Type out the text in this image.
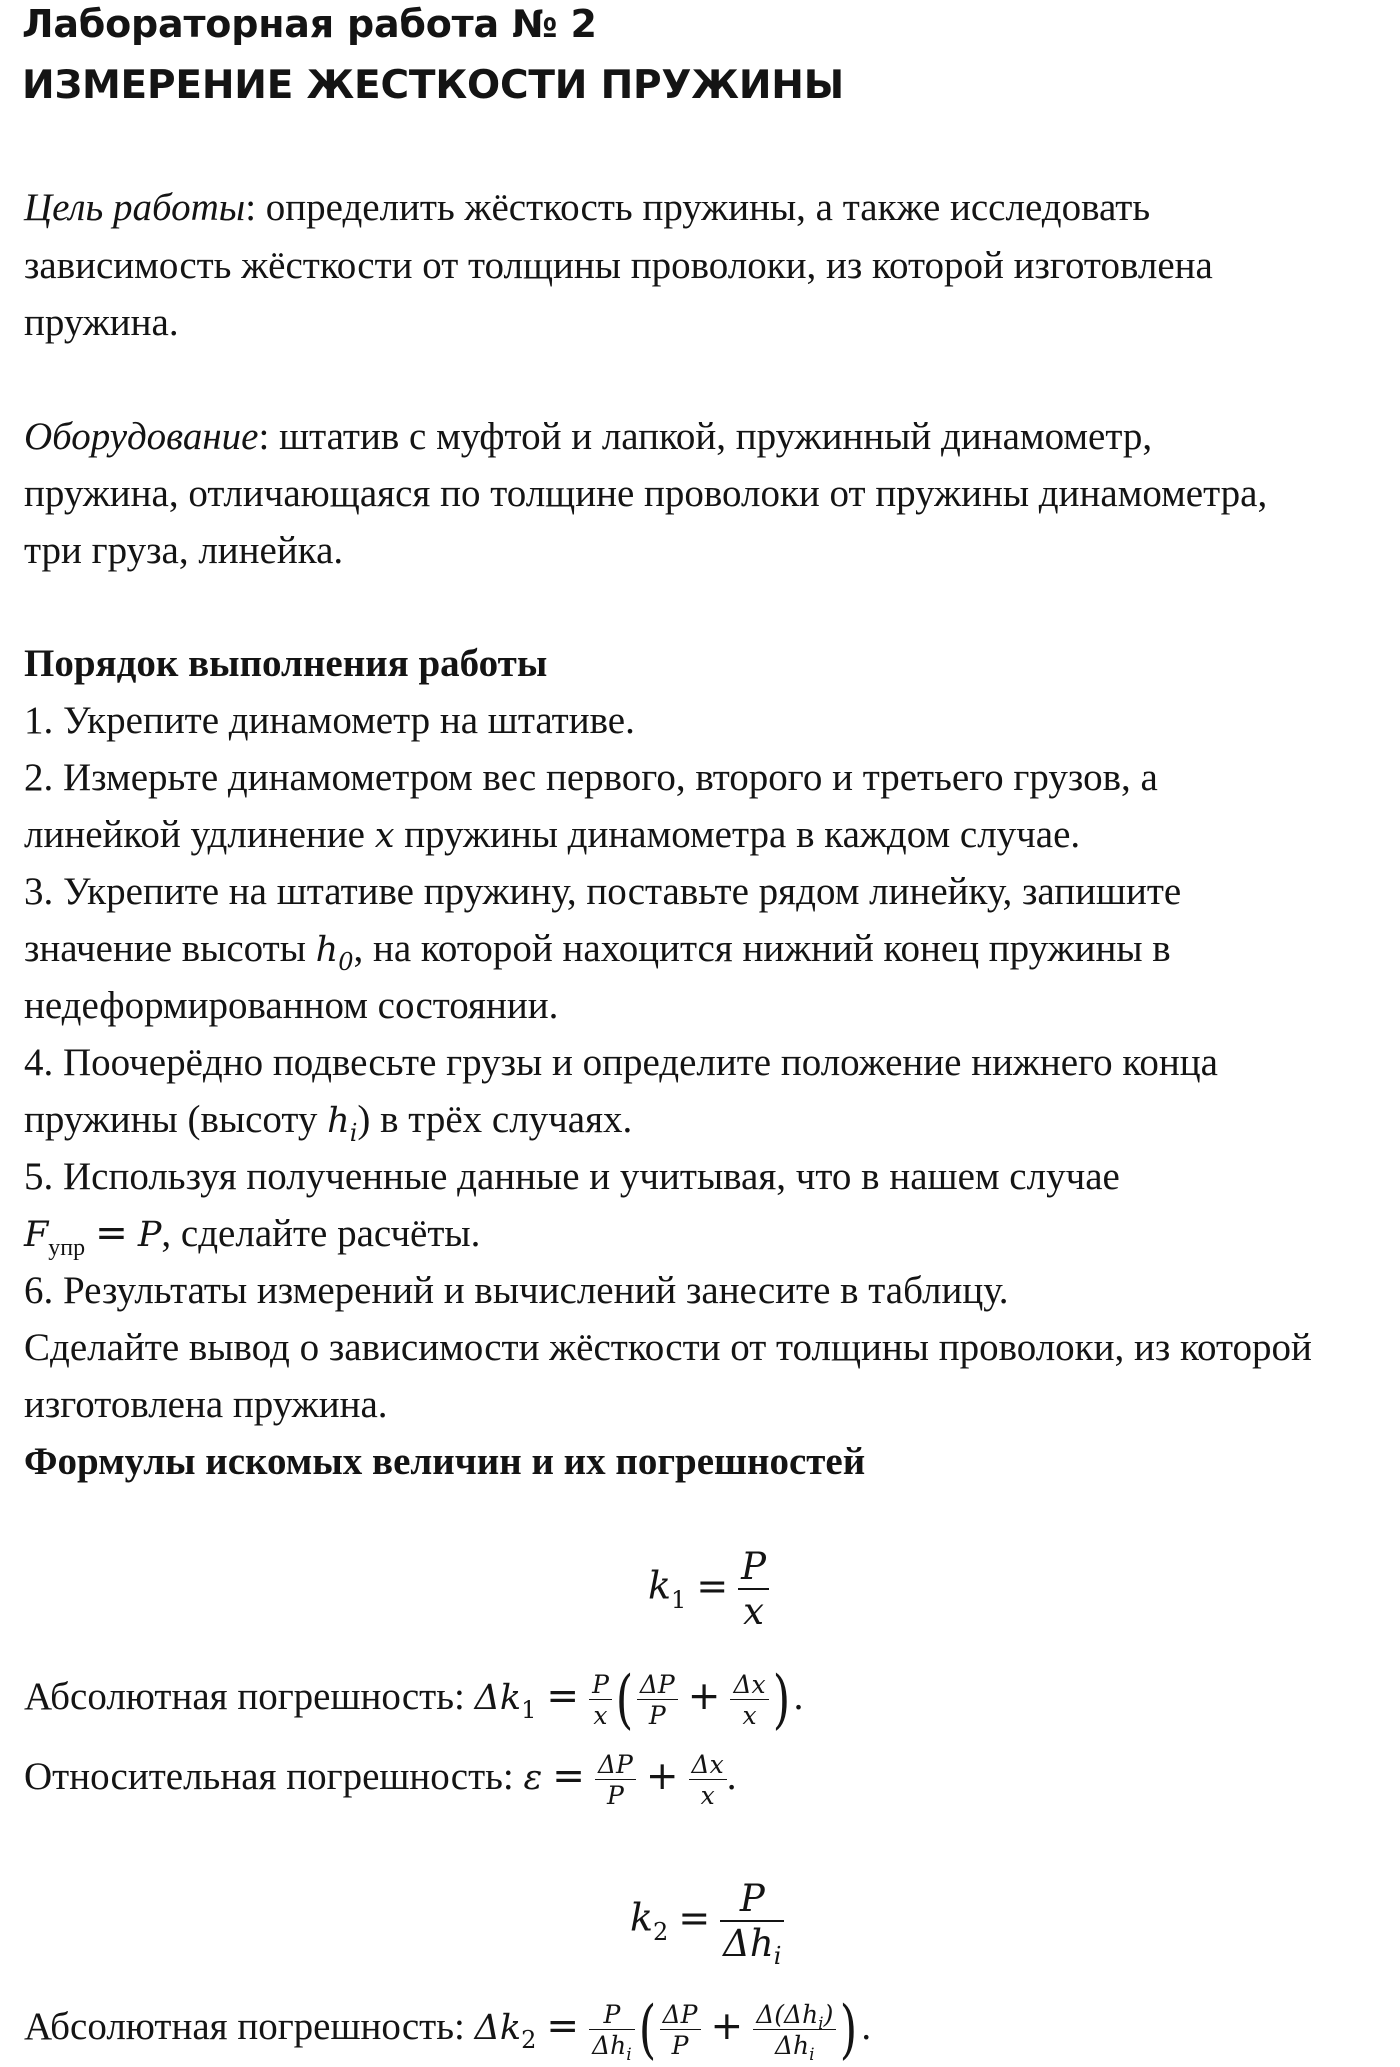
Лабораторная работа № 2
ИЗМЕРЕНИЕ ЖЕСТКОСТИ ПРУЖИНЫ
Цель работы: определить жёсткость пружины, а также исследовать
зависимость жёсткости от толщины проволоки, из которой изготовлена
пружина.
Оборудование: штатив с муфтой и лапкой, пружинный динамометр,
пружина, отличающаяся по толщине проволоки от пружины динамометра,
три груза, линейка.
Порядок выполнения работы
1. Укрепите динамометр на штативе.
2. Измерьте динамометром вес первого, второго и третьего грузов, а
линейкой удлинение x пружины динамометра в каждом случае.
3. Укрепите на штативе пружину, поставьте рядом линейку, запишите
значение высоты $h_0$, на которой нахоцится нижний конец пружины в
недеформированном состоянии.
4. Поочерёдно подвесьте грузы и определите положение нижнего конца
пружины (высоту $h_i$) в трёх случаях.
5. Используя полученные данные и учитывая, что в нашем случае
$F_{упр} = P$, сделайте расчёты.
6. Результаты измерений и вычислений занесите в таблицу.
Сделайте вывод о зависимости жёсткости от толщины проволоки, из которой
изготовлена пружина.
Формулы искомых величин и их погрешностей
$k_1 = \frac{P}{x}$
Абсолютная погрешность: $\Delta k_1 = \frac{P}{x}$ ( $\frac{\Delta P}{P} + \frac{\Delta x}{x}$ ).
Относительная погрешность: $\varepsilon = \frac{\Delta P}{P} + \frac{\Delta x}{x}$ .
$k_2 = \frac{P}{\Delta h_i}$
Абсолютная погрешность: $\Delta k_2 = \frac{P}{\Delta h_i}$ ( $\frac{\Delta P}{P} + \frac{\Delta(\Delta h_i)}{\Delta h_i}$ ).
